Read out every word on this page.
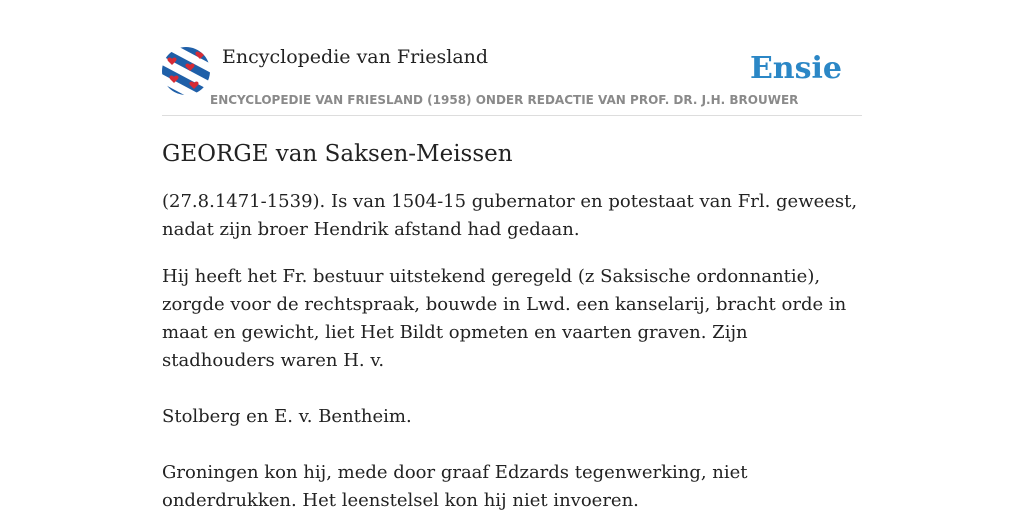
Encyclopedie van Friesland	Ensie
ENCYCLOPEDIE VAN FRIESLAND (1958) ONDER REDACTIE VAN PROF. DR. J.H. BROUWER
GEORGE van Saksen-Meissen

(27.8.1471-1539). Is van 1504-15 gubernator en potestaat van Frl. geweest, nadat zijn broer Hendrik afstand had gedaan.

Hij heeft het Fr. bestuur uitstekend geregeld (z Saksische ordonnantie), zorgde voor de rechtspraak, bouwde in Lwd. een kanselarij, bracht orde in maat en gewicht, liet Het Bildt opmeten en vaarten graven. Zijn stadhouders waren H. v.

Stolberg en E. v. Bentheim.

Groningen kon hij, mede door graaf Edzards tegenwerking, niet onderdrukken. Het leenstelsel kon hij niet invoeren.
